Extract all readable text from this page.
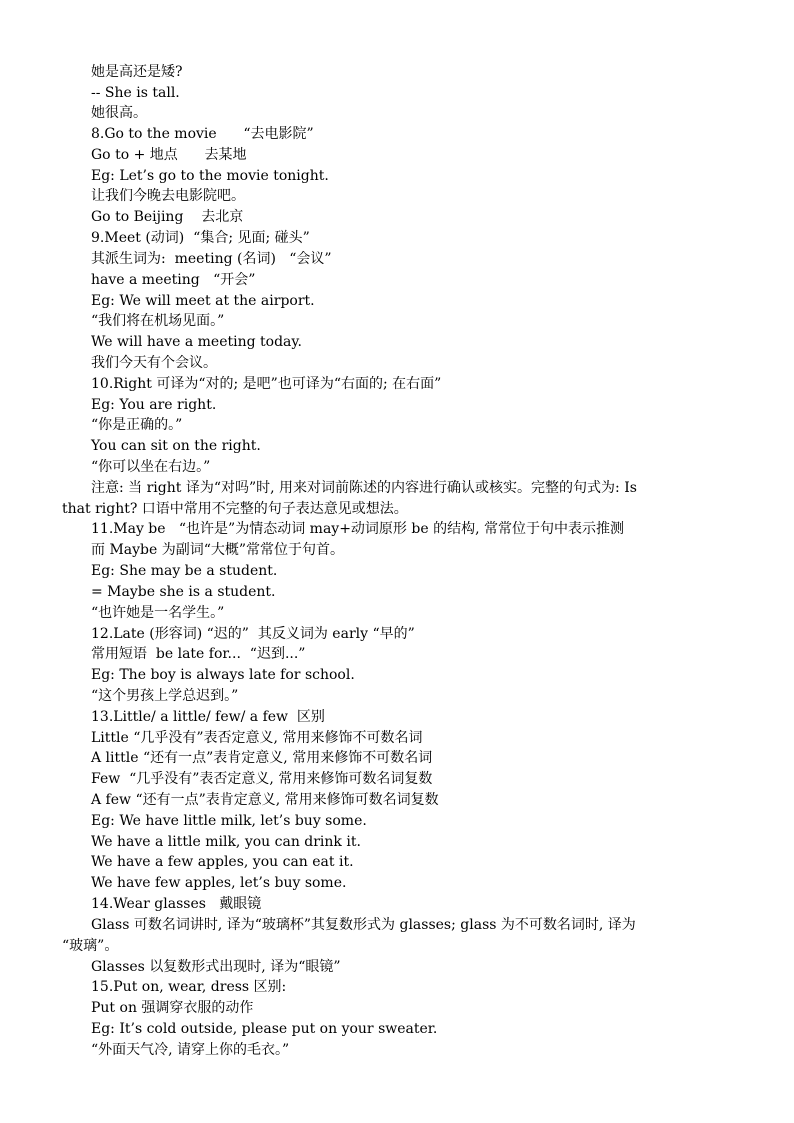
她是高还是矮?
-- She is tall.
她很高。
8.Go to the movie      “去电影院”
Go to + 地点      去某地
Eg: Let’s go to the movie tonight.
让我们今晚去电影院吧。
Go to Beijing    去北京
9.Meet (动词)  “集合; 见面; 碰头”
其派生词为:  meeting (名词)   “会议”
have a meeting   “开会”
Eg: We will meet at the airport.
“我们将在机场见面。”
We will have a meeting today.
我们今天有个会议。
10.Right 可译为“对的; 是吧”也可译为“右面的; 在右面”
Eg: You are right.
“你是正确的。”
You can sit on the right.
“你可以坐在右边。”
注意: 当 right 译为“对吗”时, 用来对词前陈述的内容进行确认或核实。完整的句式为: Is
that right? 口语中常用不完整的句子表达意见或想法。
11.May be   “也许是”为情态动词 may+动词原形 be 的结构, 常常位于句中表示推测
而 Maybe 为副词“大概”常常位于句首。
Eg: She may be a student.
= Maybe she is a student.
“也许她是一名学生。”
12.Late (形容词) “迟的”  其反义词为 early “早的”
常用短语  be late for...  “迟到...”
Eg: The boy is always late for school.
“这个男孩上学总迟到。”
13.Little/ a little/ few/ a few  区别
Little “几乎没有”表否定意义, 常用来修饰不可数名词
A little “还有一点”表肯定意义, 常用来修饰不可数名词
Few  “几乎没有”表否定意义, 常用来修饰可数名词复数
A few “还有一点”表肯定意义, 常用来修饰可数名词复数
Eg: We have little milk, let’s buy some.
We have a little milk, you can drink it.
We have a few apples, you can eat it.
We have few apples, let’s buy some.
14.Wear glasses   戴眼镜
Glass 可数名词讲时, 译为“玻璃杯”其复数形式为 glasses; glass 为不可数名词时, 译为
“玻璃”。
Glasses 以复数形式出现时, 译为“眼镜”
15.Put on, wear, dress 区别:
Put on 强调穿衣服的动作
Eg: It’s cold outside, please put on your sweater.
“外面天气冷, 请穿上你的毛衣。”
